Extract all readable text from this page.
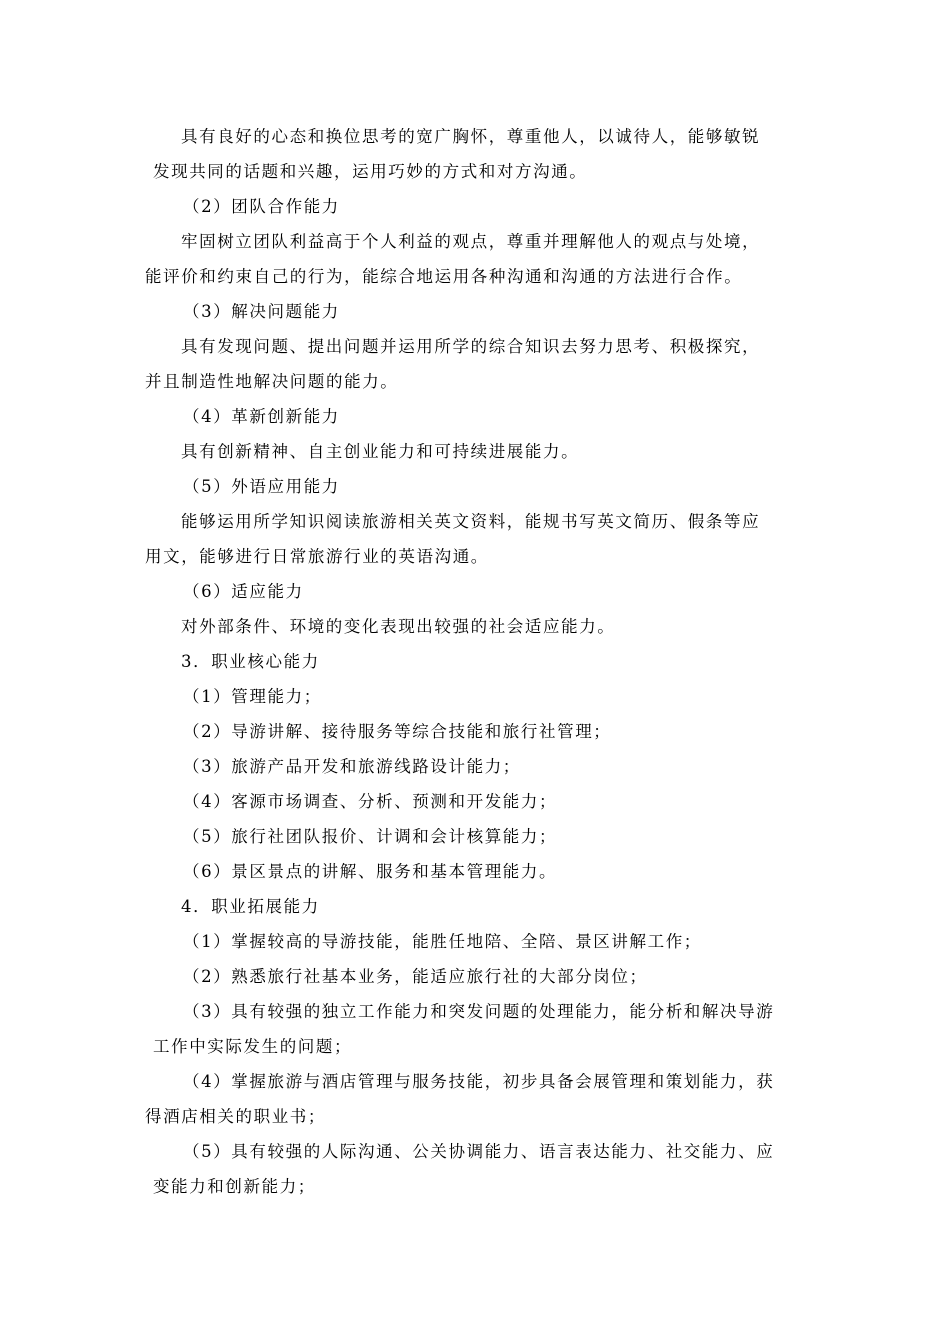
具有良好的心态和换位思考的宽广胸怀，尊重他人，以诚待人，能够敏锐
发现共同的话题和兴趣，运用巧妙的方式和对方沟通。
（2）团队合作能力
牢固树立团队利益高于个人利益的观点，尊重并理解他人的观点与处境，
能评价和约束自己的行为，能综合地运用各种沟通和沟通的方法进行合作。
（3）解决问题能力
具有发现问题、提出问题并运用所学的综合知识去努力思考、积极探究，
并且制造性地解决问题的能力。
（4）革新创新能力
具有创新精神、自主创业能力和可持续进展能力。
（5）外语应用能力
能够运用所学知识阅读旅游相关英文资料，能规书写英文简历、假条等应
用文，能够进行日常旅游行业的英语沟通。
（6）适应能力
对外部条件、环境的变化表现出较强的社会适应能力。
3．职业核心能力
（1）管理能力；
（2）导游讲解、接待服务等综合技能和旅行社管理；
（3）旅游产品开发和旅游线路设计能力；
（4）客源市场调查、分析、预测和开发能力；
（5）旅行社团队报价、计调和会计核算能力；
（6）景区景点的讲解、服务和基本管理能力。
4．职业拓展能力
（1）掌握较高的导游技能，能胜任地陪、全陪、景区讲解工作；
（2）熟悉旅行社基本业务，能适应旅行社的大部分岗位；
（3）具有较强的独立工作能力和突发问题的处理能力，能分析和解决导游
工作中实际发生的问题；
（4）掌握旅游与酒店管理与服务技能，初步具备会展管理和策划能力，获
得酒店相关的职业书；
（5）具有较强的人际沟通、公关协调能力、语言表达能力、社交能力、应
变能力和创新能力；
